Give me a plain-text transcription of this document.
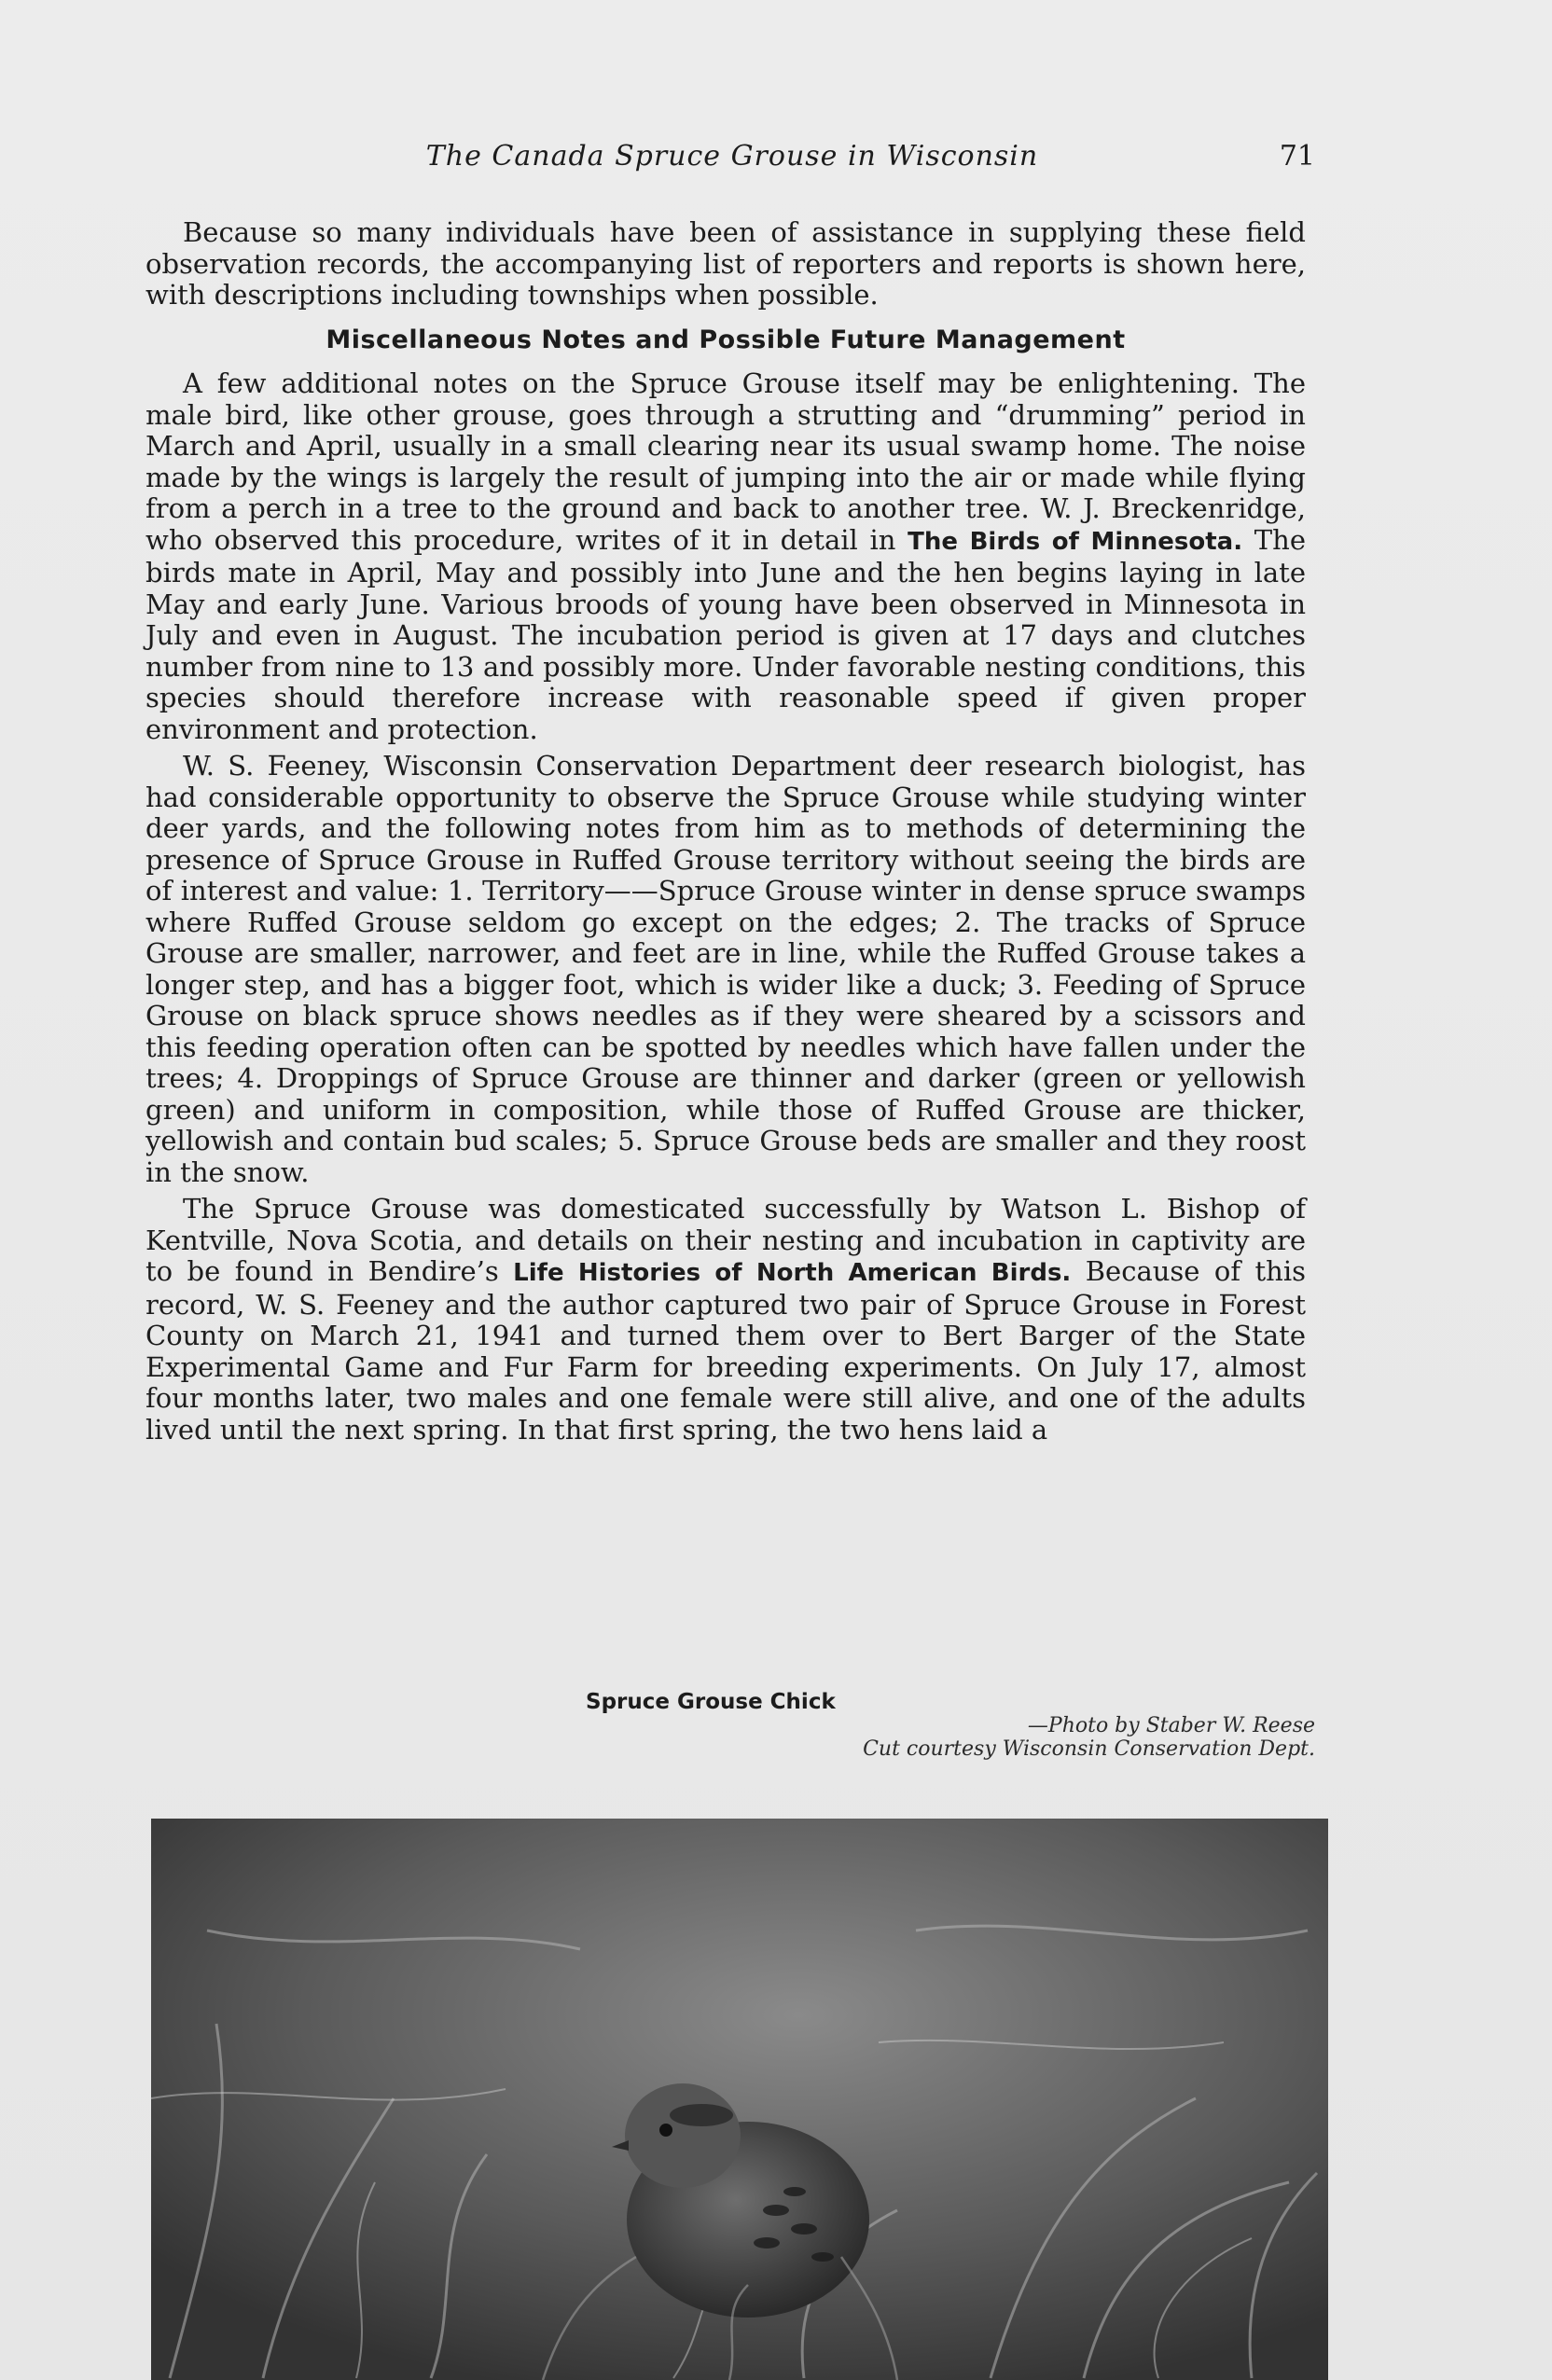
The Canada Spruce Grouse in Wisconsin	71

Because so many individuals have been of assistance in supplying these field observation records, the accompanying list of reporters and reports is shown here, with descriptions including townships when possible.

Miscellaneous Notes and Possible Future Management

A few additional notes on the Spruce Grouse itself may be enlightening. The male bird, like other grouse, goes through a strutting and “drumming” period in March and April, usually in a small clearing near its usual swamp home. The noise made by the wings is largely the result of jumping into the air or made while flying from a perch in a tree to the ground and back to another tree. W. J. Breckenridge, who observed this procedure, writes of it in detail in The Birds of Minnesota. The birds mate in April, May and possibly into June and the hen begins laying in late May and early June. Various broods of young have been observed in Minnesota in July and even in August. The incubation period is given at 17 days and clutches number from nine to 13 and possibly more. Under favorable nesting conditions, this species should therefore increase with reasonable speed if given proper environment and protection.

W. S. Feeney, Wisconsin Conservation Department deer research biologist, has had considerable opportunity to observe the Spruce Grouse while studying winter deer yards, and the following notes from him as to methods of determining the presence of Spruce Grouse in Ruffed Grouse territory without seeing the birds are of interest and value: 1. Territory——Spruce Grouse winter in dense spruce swamps where Ruffed Grouse seldom go except on the edges; 2. The tracks of Spruce Grouse are smaller, narrower, and feet are in line, while the Ruffed Grouse takes a longer step, and has a bigger foot, which is wider like a duck; 3. Feeding of Spruce Grouse on black spruce shows needles as if they were sheared by a scissors and this feeding operation often can be spotted by needles which have fallen under the trees; 4. Droppings of Spruce Grouse are thinner and darker (green or yellowish green) and uniform in composition, while those of Ruffed Grouse are thicker, yellowish and contain bud scales; 5. Spruce Grouse beds are smaller and they roost in the snow.

The Spruce Grouse was domesticated successfully by Watson L. Bishop of Kentville, Nova Scotia, and details on their nesting and incubation in captivity are to be found in Bendire’s Life Histories of North American Birds. Because of this record, W. S. Feeney and the author captured two pair of Spruce Grouse in Forest County on March 21, 1941 and turned them over to Bert Barger of the State Experimental Game and Fur Farm for breeding experiments. On July 17, almost four months later, two males and one female were still alive, and one of the adults lived until the next spring. In that first spring, the two hens laid a

Spruce Grouse Chick
—Photo by Staber W. Reese
Cut courtesy Wisconsin Conservation Dept.
